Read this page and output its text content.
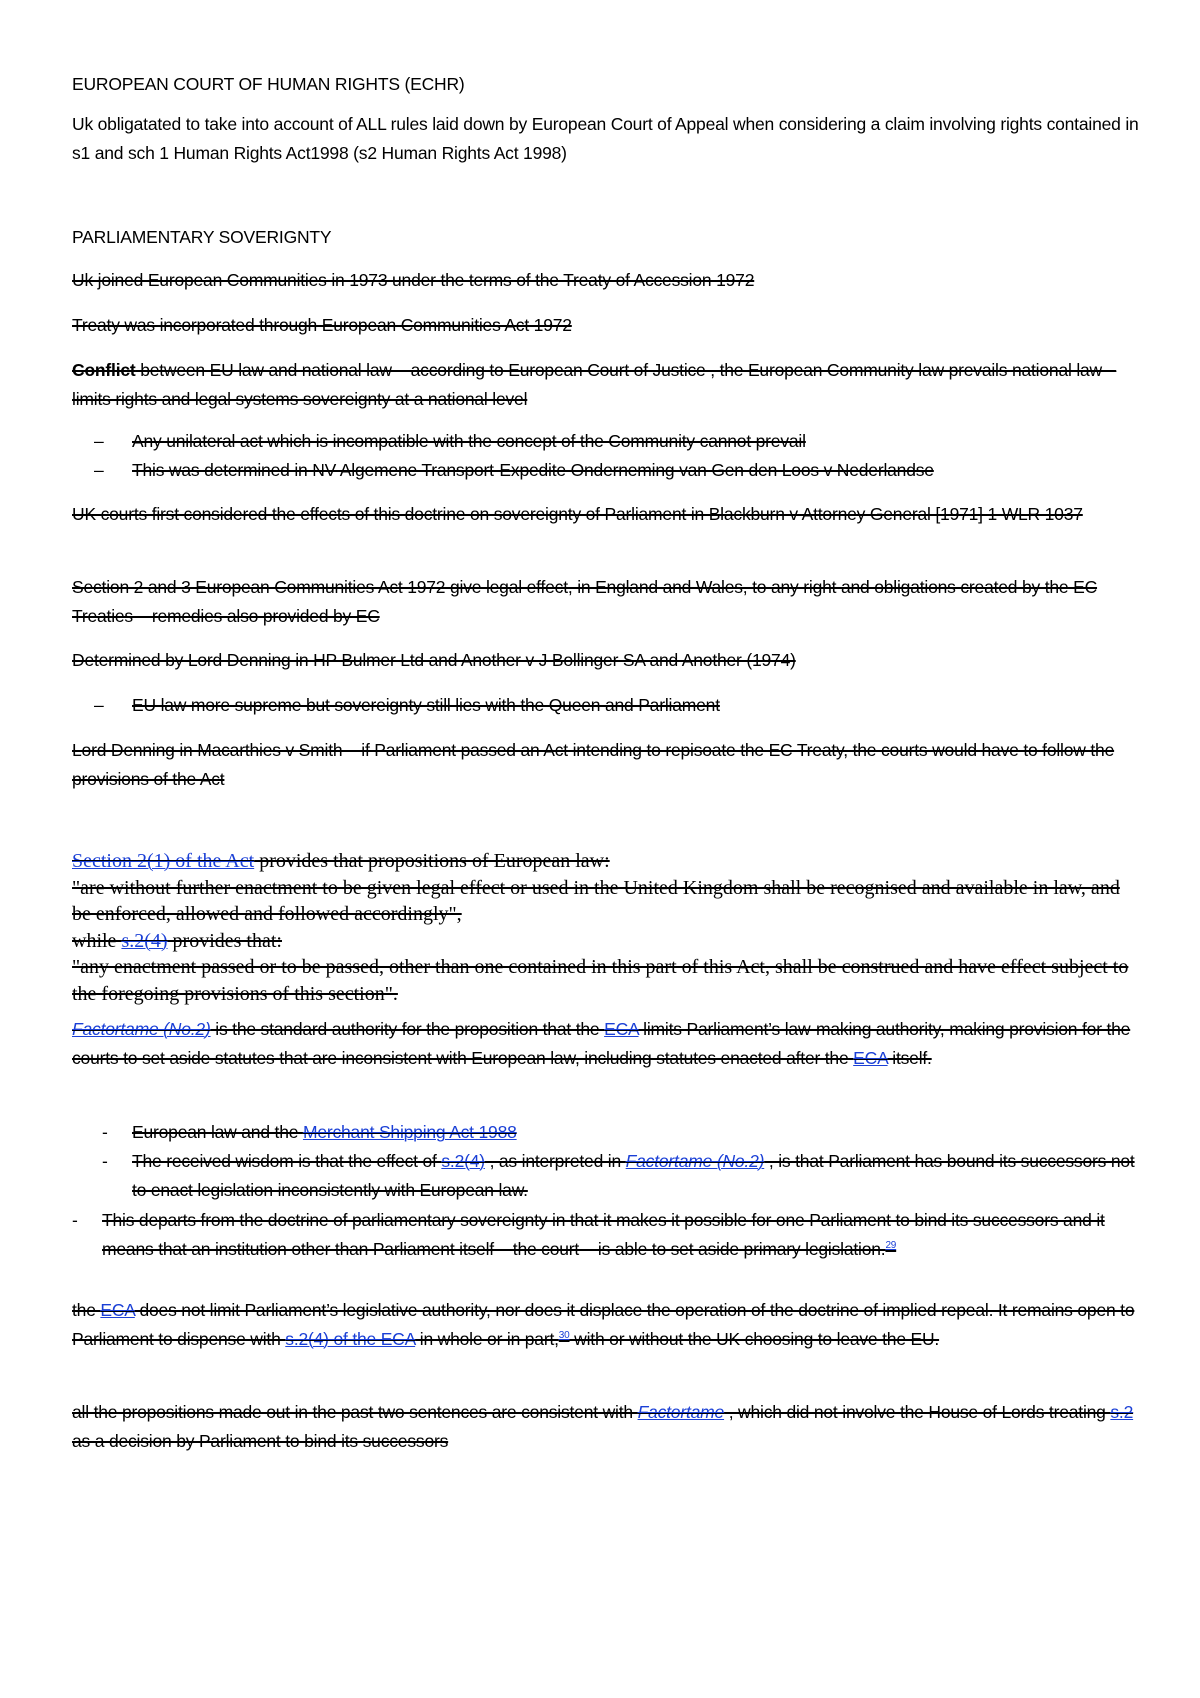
EUROPEAN COURT OF HUMAN RIGHTS (ECHR)

Uk obligatated to take into account of ALL rules laid down by European Court of Appeal when considering a claim involving rights contained in s1 and sch 1 Human Rights Act1998 (s2 Human Rights Act 1998)

PARLIAMENTARY SOVERIGNTY

Uk joined European Communities in 1973 under the terms of the Treaty of Accession 1972

Treaty was incorporated through European Communities Act 1972

Conflict between EU law and national law – according to European Court of Justice , the European Community law prevails national law – limits rights and legal systems sovereignty at a national level

– Any unilateral act which is incompatible with the concept of the Community cannot prevail
– This was determined in NV Algemene Transport-Expedite Onderneming van Gen den Loos v Nederlandse

UK courts first considered the effects of this doctrine on sovereignty of Parliament in Blackburn v Attorney General [1971] 1 WLR 1037

Section 2 and 3 European Communities Act 1972 give legal effect, in England and Wales, to any right and obligations created by the EC Treaties – remedies also provided by EC

Determined by Lord Denning in HP Bulmer Ltd and Another v J Bollinger SA and Another (1974)

– EU law more supreme but sovereignty still lies with the Queen and Parliament

Lord Denning in Macarthies v Smith – if Parliament passed an Act intending to repisoate the EC Treaty, the courts would have to follow the provisions of the Act

Section 2(1) of the Act provides that propositions of European law:
"are without further enactment to be given legal effect or used in the United Kingdom shall be recognised and available in law, and be enforced, allowed and followed accordingly",
while s.2(4) provides that:
"any enactment passed or to be passed, other than one contained in this part of this Act, shall be construed and have effect subject to the foregoing provisions of this section".

Factortame (No.2) is the standard authority for the proposition that the ECA limits Parliament’s law-making authority, making provision for the courts to set aside statutes that are inconsistent with European law, including statutes enacted after the ECA itself.

- European law and the Merchant Shipping Act 1988
- The received wisdom is that the effect of s.2(4) , as interpreted in Factortame (No.2) , is that Parliament has bound its successors not to enact legislation inconsistently with European law.
- This departs from the doctrine of parliamentary sovereignty in that it makes it possible for one Parliament to bind its successors and it means that an institution other than Parliament itself – the court – is able to set aside primary legislation.$^{29}$

the ECA does not limit Parliament’s legislative authority, nor does it displace the operation of the doctrine of implied repeal. It remains open to Parliament to dispense with s.2(4) of the ECA in whole or in part,$^{30}$ with or without the UK choosing to leave the EU.

all the propositions made out in the past two sentences are consistent with Factortame , which did not involve the House of Lords treating s.2 as a decision by Parliament to bind its successors
